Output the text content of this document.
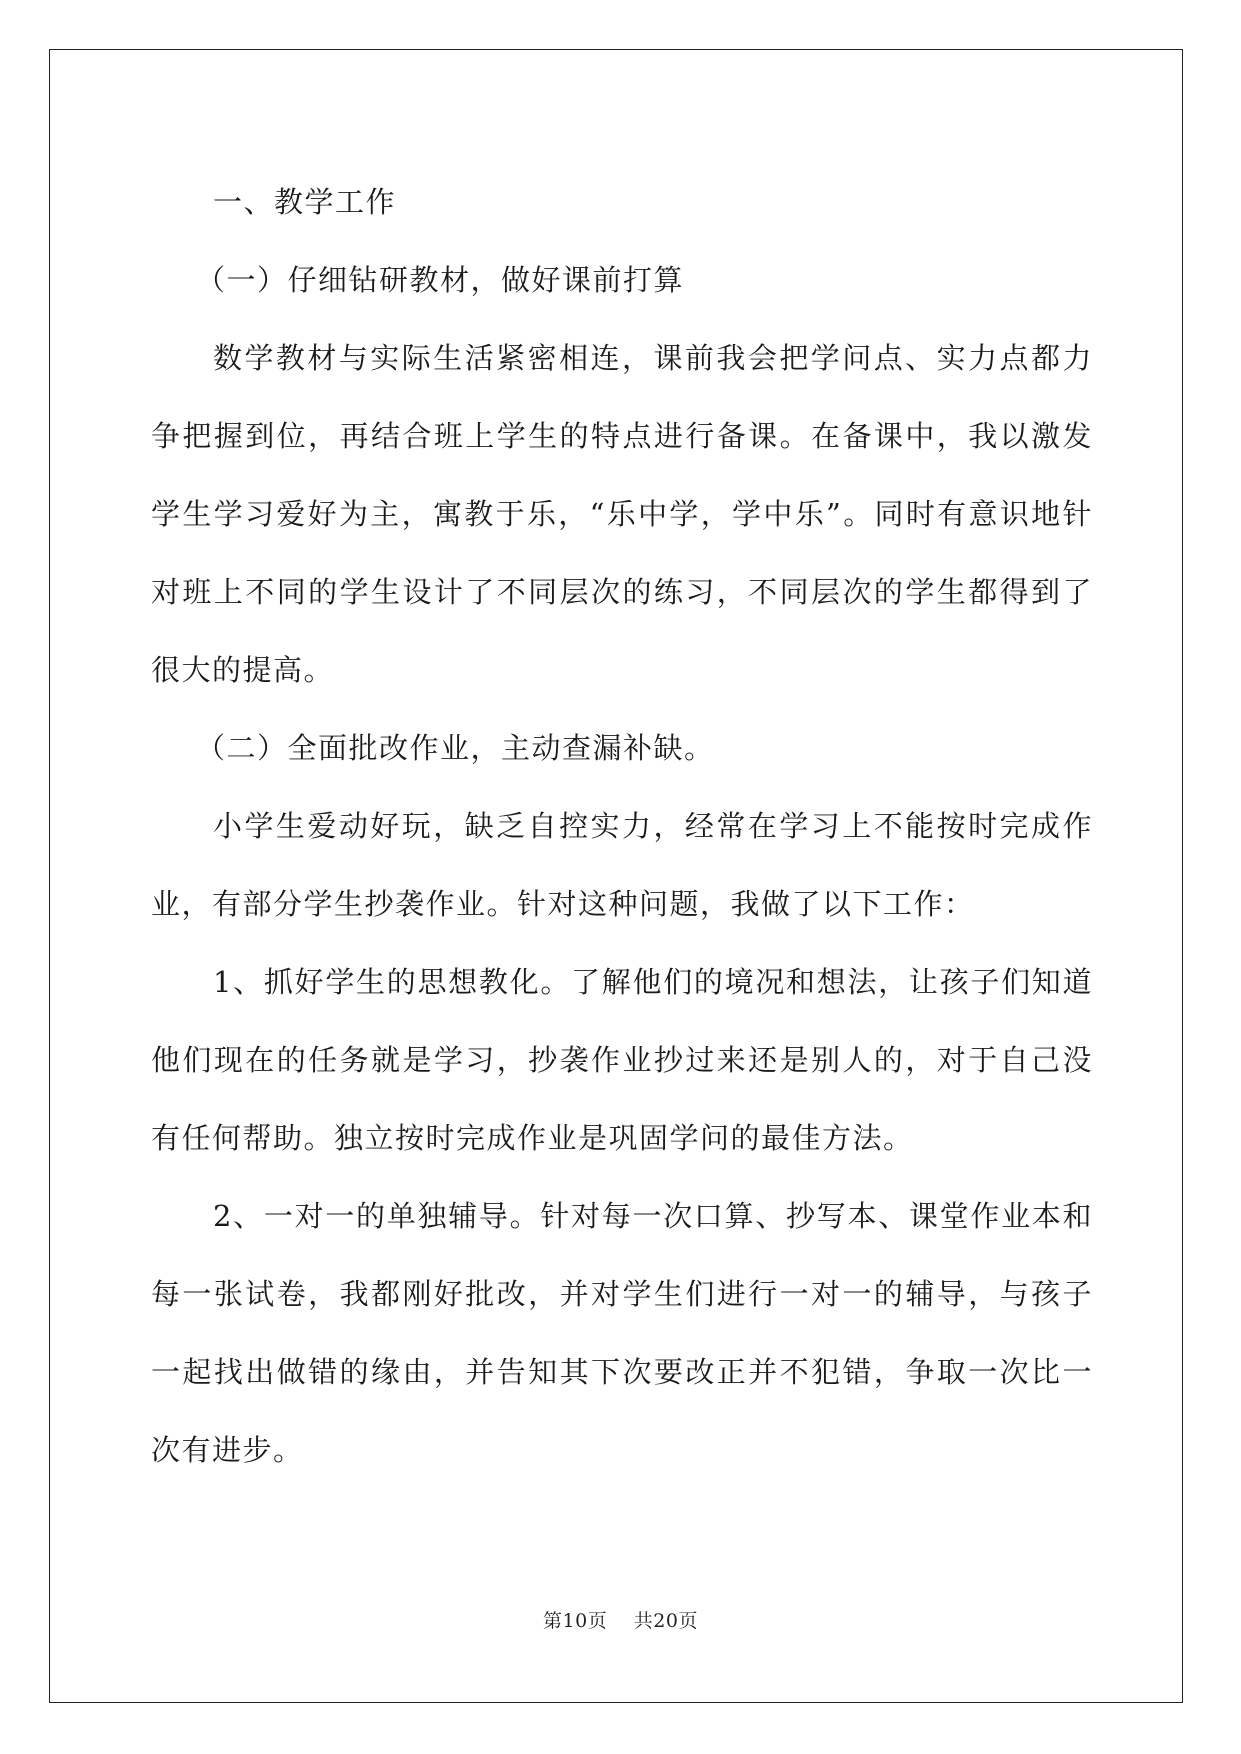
一、教学工作

（一）仔细钻研教材，做好课前打算

数学教材与实际生活紧密相连，课前我会把学问点、实力点都力争把握到位，再结合班上学生的特点进行备课。在备课中，我以激发学生学习爱好为主，寓教于乐，“乐中学，学中乐”。同时有意识地针对班上不同的学生设计了不同层次的练习，不同层次的学生都得到了很大的提高。

（二）全面批改作业，主动查漏补缺。

小学生爱动好玩，缺乏自控实力，经常在学习上不能按时完成作业，有部分学生抄袭作业。针对这种问题，我做了以下工作：

1、抓好学生的思想教化。了解他们的境况和想法，让孩子们知道他们现在的任务就是学习，抄袭作业抄过来还是别人的，对于自己没有任何帮助。独立按时完成作业是巩固学问的最佳方法。

2、一对一的单独辅导。针对每一次口算、抄写本、课堂作业本和每一张试卷，我都刚好批改，并对学生们进行一对一的辅导，与孩子一起找出做错的缘由，并告知其下次要改正并不犯错，争取一次比一次有进步。

第10页 共20页
